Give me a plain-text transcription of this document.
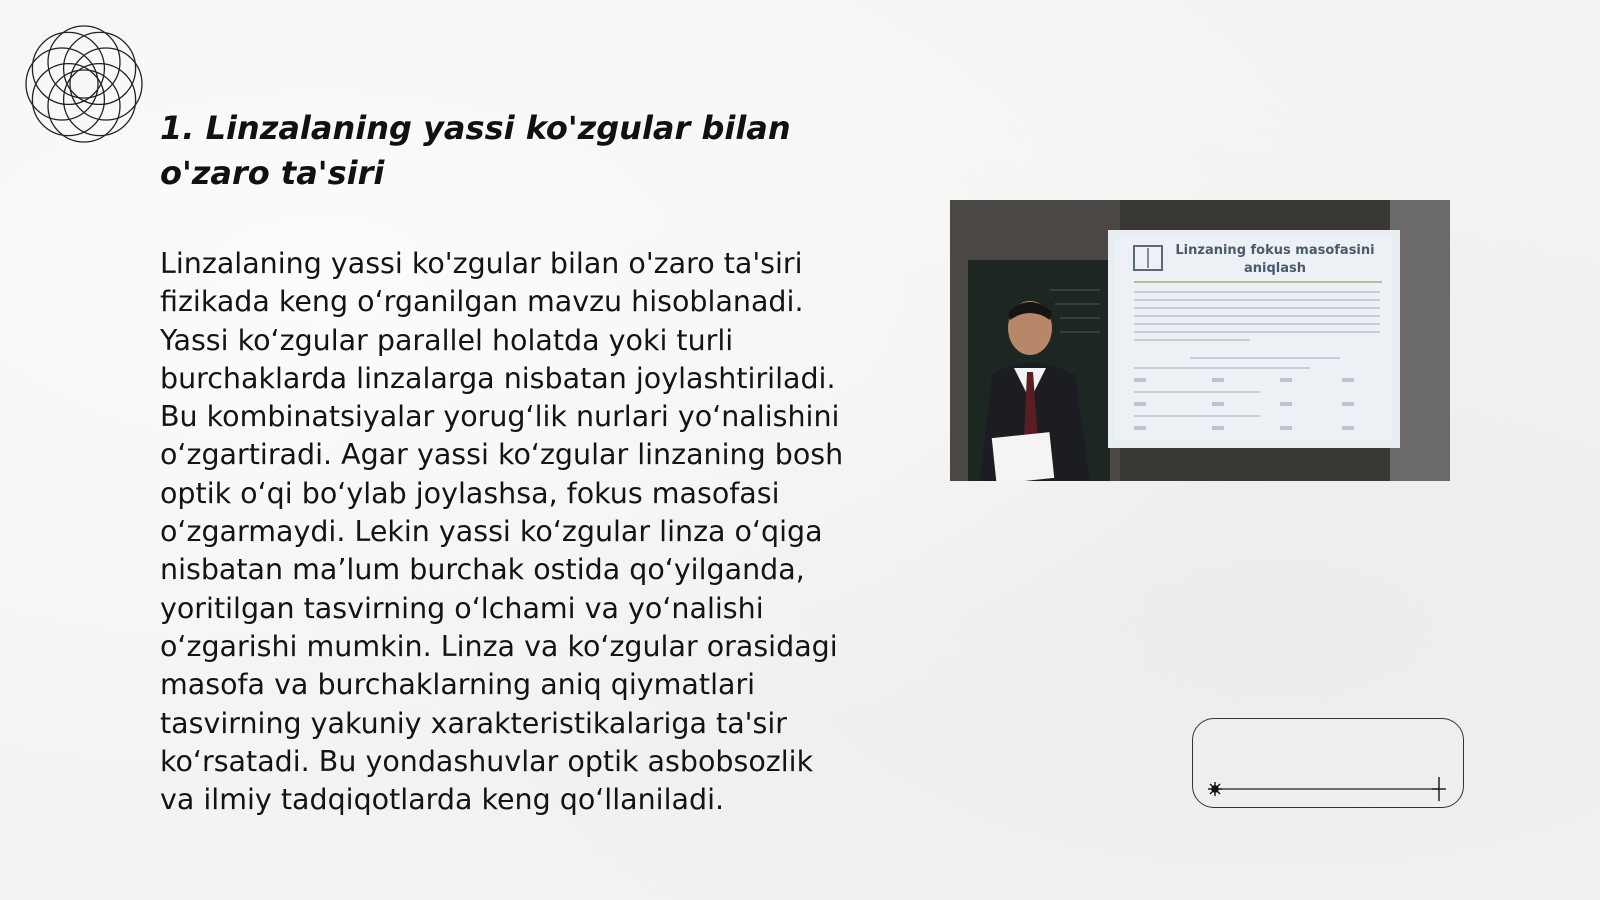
1. Linzalaning yassi ko'zgular bilan o'zaro ta'siri

Linzalaning yassi ko'zgular bilan o'zaro ta'siri fizikada keng o‘rganilgan mavzu hisoblanadi. Yassi ko‘zgular parallel holatda yoki turli burchaklarda linzalarga nisbatan joylashtiriladi. Bu kombinatsiyalar yorug‘lik nurlari yo‘nalishini o‘zgartiradi. Agar yassi ko‘zgular linzaning bosh optik o‘qi bo‘ylab joylashsa, fokus masofasi o‘zgarmaydi. Lekin yassi ko‘zgular linza o‘qiga nisbatan ma’lum burchak ostida qo‘yilganda, yoritilgan tasvirning o‘lchami va yo‘nalishi o‘zgarishi mumkin. Linza va ko‘zgular orasidagi masofa va burchaklarning aniq qiymatlari tasvirning yakuniy xarakteristikalariga ta'sir ko‘rsatadi. Bu yondashuvlar optik asbobsozlik va ilmiy tadqiqotlarda keng qo‘llaniladi.

Linzaning fokus masofasini aniqlash
